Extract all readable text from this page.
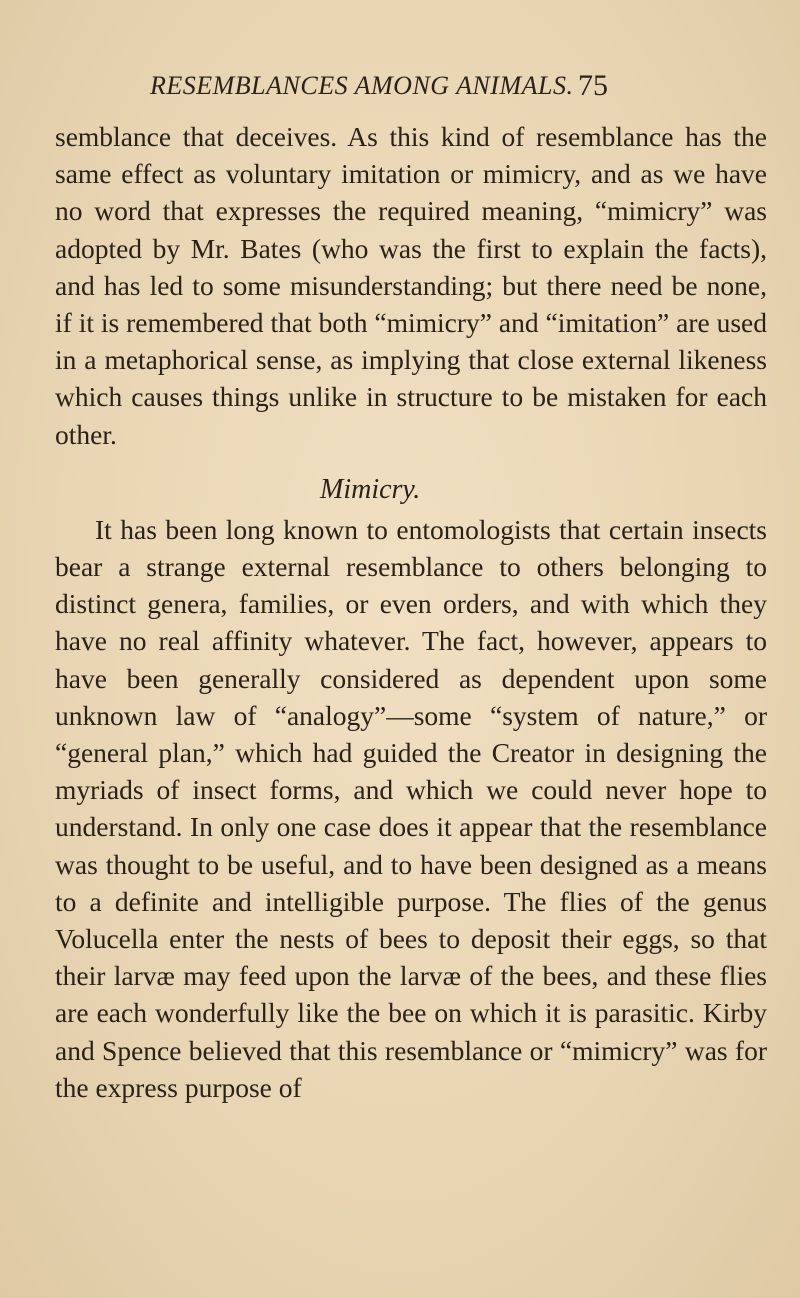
RESEMBLANCES AMONG ANIMALS. 75

semblance that deceives. As this kind of resemblance has the same effect as voluntary imitation or mimicry, and as we have no word that expresses the required meaning, “mimicry” was adopted by Mr. Bates (who was the first to explain the facts), and has led to some misunderstanding; but there need be none, if it is remembered that both “mimicry” and “imitation” are used in a metaphorical sense, as implying that close external likeness which causes things unlike in structure to be mistaken for each other.

Mimicry.

It has been long known to entomologists that certain insects bear a strange external resemblance to others belonging to distinct genera, families, or even orders, and with which they have no real affinity whatever. The fact, however, appears to have been generally considered as dependent upon some unknown law of “analogy”—some “system of nature,” or “general plan,” which had guided the Creator in designing the myriads of insect forms, and which we could never hope to understand. In only one case does it appear that the resemblance was thought to be useful, and to have been designed as a means to a definite and intelligible purpose. The flies of the genus Volucella enter the nests of bees to deposit their eggs, so that their larvæ may feed upon the larvæ of the bees, and these flies are each wonderfully like the bee on which it is parasitic. Kirby and Spence believed that this resemblance or “mimicry” was for the express purpose of
